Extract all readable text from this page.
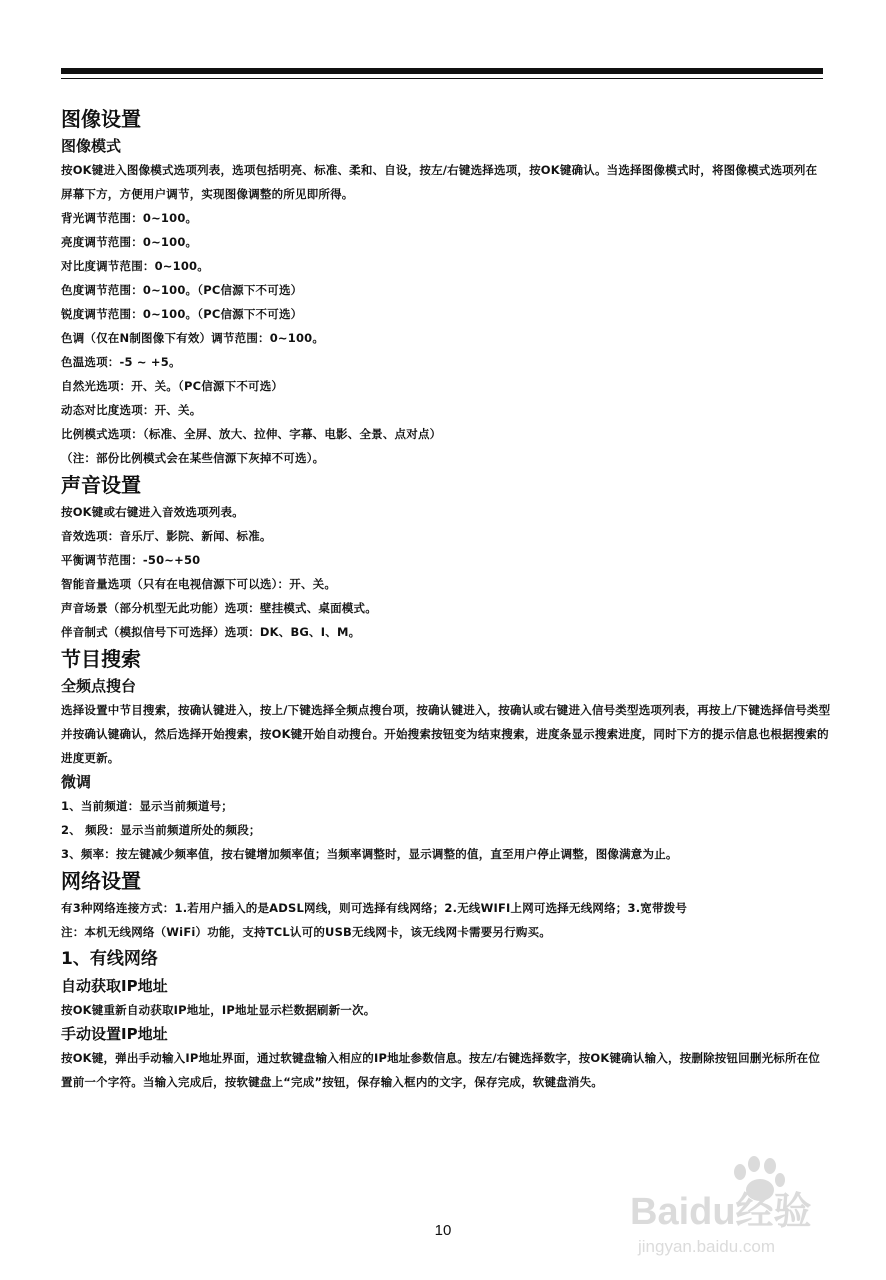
图像设置
图像模式
按OK键进入图像模式选项列表，选项包括明亮、标准、柔和、自设，按左/右键选择选项，按OK键确认。当选择图像模式时，将图像模式选项列在屏幕下方，方便用户调节，实现图像调整的所见即所得。
背光调节范围：0~100。
亮度调节范围：0~100。
对比度调节范围：0~100。
色度调节范围：0~100。（PC信源下不可选）
锐度调节范围：0~100。（PC信源下不可选）
色调（仅在N制图像下有效）调节范围：0~100。
色温选项：-5 ~ +5。
自然光选项：开、关。（PC信源下不可选）
动态对比度选项：开、关。
比例模式选项：（标准、全屏、放大、拉伸、字幕、电影、全景、点对点）
（注：部份比例模式会在某些信源下灰掉不可选）。
声音设置
按OK键或右键进入音效选项列表。
音效选项：音乐厅、影院、新闻、标准。
平衡调节范围：-50~+50
智能音量选项（只有在电视信源下可以选）：开、关。
声音场景（部分机型无此功能）选项：壁挂模式、桌面模式。
伴音制式（模拟信号下可选择）选项：DK、BG、I、M。
节目搜索
全频点搜台
选择设置中节目搜索，按确认键进入，按上/下键选择全频点搜台项，按确认键进入，按确认或右键进入信号类型选项列表，再按上/下键选择信号类型并按确认键确认，然后选择开始搜索，按OK键开始自动搜台。开始搜索按钮变为结束搜索，进度条显示搜索进度，同时下方的提示信息也根据搜索的进度更新。
微调
1、当前频道：显示当前频道号；
2、 频段：显示当前频道所处的频段；
3、频率：按左键减少频率值，按右键增加频率值；当频率调整时，显示调整的值，直至用户停止调整，图像满意为止。
网络设置
有3种网络连接方式：1.若用户插入的是ADSL网线，则可选择有线网络；2.无线WIFI上网可选择无线网络；3.宽带拨号
注：本机无线网络（WiFi）功能，支持TCL认可的USB无线网卡，该无线网卡需要另行购买。
1、有线网络
自动获取IP地址
按OK键重新自动获取IP地址，IP地址显示栏数据刷新一次。
手动设置IP地址
按OK键，弹出手动输入IP地址界面，通过软键盘输入相应的IP地址参数信息。按左/右键选择数字，按OK键确认输入，按删除按钮回删光标所在位置前一个字符。当输入完成后，按软键盘上“完成”按钮，保存输入框内的文字，保存完成，软键盘消失。
10	Baidu经验
jingyan.baidu.com
